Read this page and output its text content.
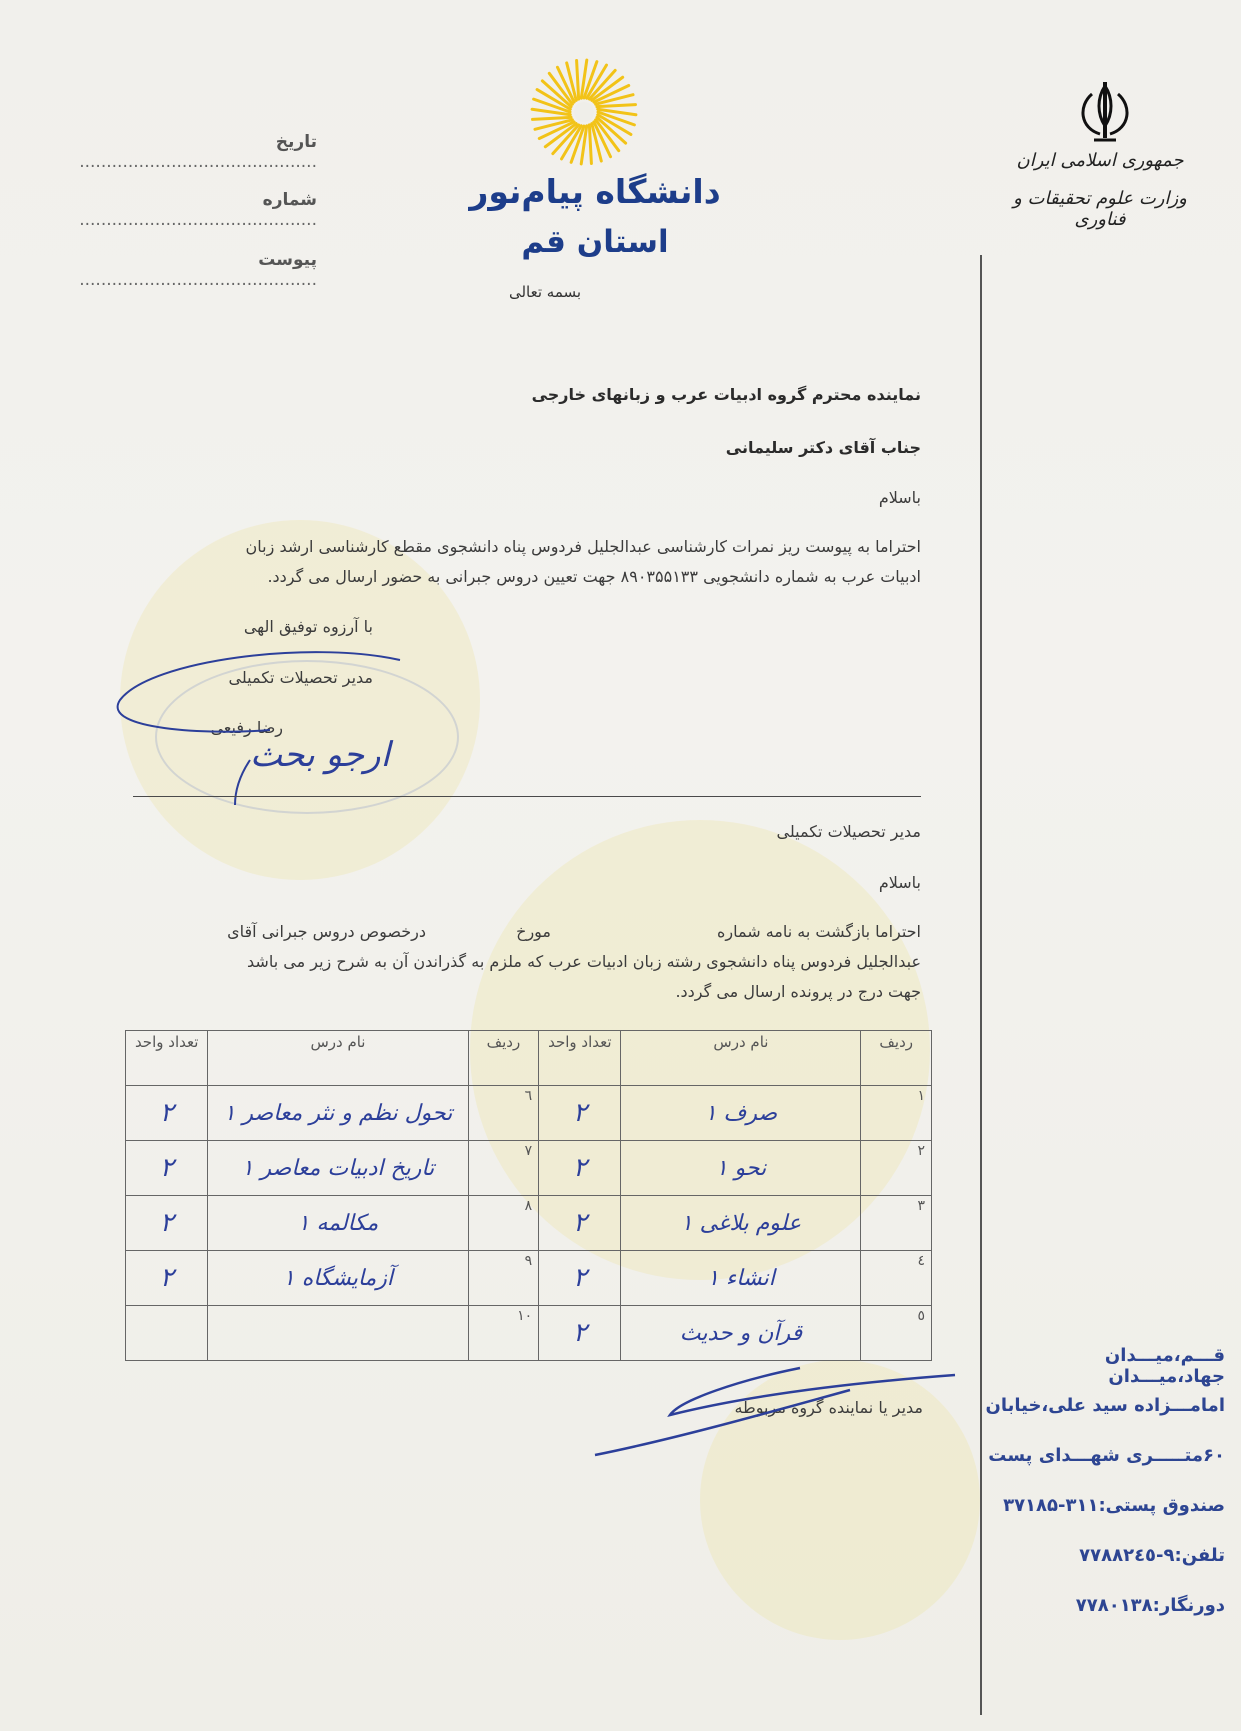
تاریخ ............................................
شماره ............................................
پیوست ............................................
دانشگاه پیام‌نور
استان قم
بسمه تعالی
جمهوری اسلامی ایران
وزارت علوم تحقیقات و فناوری
نماینده محترم گروه ادبیات عرب و زبانهای خارجی
جناب آقای دکتر سلیمانی
باسلام
احتراما به پیوست ریز نمرات کارشناسی عبدالجلیل فردوس پناه دانشجوی مقطع کارشناسی ارشد زبان
ادبیات عرب به شماره دانشجویی ۸۹۰۳۵۵۱۳۳ جهت تعیین دروس جبرانی به حضور ارسال می گردد.
با آرزوه توفیق الهی
مدیر تحصیلات تکمیلی
رضا رفیعی
ارجو بحث
مدیر تحصیلات تکمیلی
باسلام
احتراما بازگشت به نامه شماره
مورخ
درخصوص دروس جبرانی آقای
عبدالجلیل فردوس پناه دانشجوی رشته زبان ادبیات عرب که ملزم به گذراندن آن به شرح زیر می باشد
جهت درج در پرونده ارسال می گردد.
ردیف	نام درس	تعداد واحد	ردیف	نام درس	تعداد واحد
۱	صرف ۱	۲	٦	تحول نظم و نثر معاصر ۱	۲
۲	نحو ۱	۲	۷	تاریخ ادبیات معاصر ۱	۲
۳	علوم بلاغی ۱	۲	۸	مکالمه ۱	۲
٤	انشاء ۱	۲	۹	آزمایشگاه ۱	۲
٥	قرآن و حدیث	۲	۱۰		
مدیر یا نماینده گروه مربوطه
قـــم،میـــدان جهاد،میـــدان
امامـــزاده سید علی،خیابان
۶۰متـــــری شهـــدای پست
صندوق پستی:۳۱۱-۳۷۱۸۵
تلفن:۹-۷۷۸۸۲٤٥
دورنگار:۷۷۸۰۱۳۸
